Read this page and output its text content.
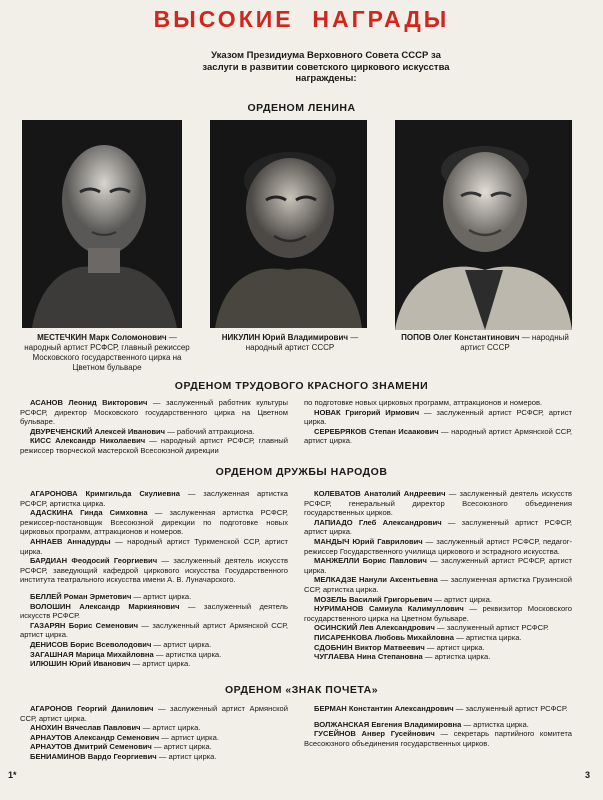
ВЫСОКИЕ  НАГРАДЫ
Указом Президиума Верховного Совета СССР за заслуги в развитии советского циркового искусства награждены:
ОРДЕНОМ ЛЕНИНА
МЕСТЕЧКИН Марк Соломонович — народный артист РСФСР, главный режиссер Московского государственного цирка на Цветном бульваре
НИКУЛИН Юрий Владимирович — народный артист СССР
ПОПОВ Олег Константинович — народный артист СССР
ОРДЕНОМ ТРУДОВОГО КРАСНОГО ЗНАМЕНИ

АСАНОВ Леонид Викторович — заслуженный работник культуры РСФСР, директор Московского государственного цирка на Цветном бульваре.

ДВУРЕЧЕНСКИЙ Алексей Иванович — рабочий аттракциона.

КИСС Александр Николаевич — народный артист РСФСР, главный режиссер творческой мастерской Всесоюзной дирекции

по подготовке новых цирковых программ, аттракционов и номеров.

НОВАК Григорий Ирмович — заслуженный артист РСФСР, артист цирка.

СЕРЕБРЯКОВ Степан Исаакович — народный артист Армянской ССР, артист цирка.

ОРДЕНОМ ДРУЖБЫ НАРОДОВ

АГАРОНОВА Кримгильда Скулиевна — заслуженная артистка РСФСР, артистка цирка.

АДАСКИНА Гинда Симховна — заслуженная артистка РСФСР, режиссер-постановщик Всесоюзной дирекции по подготовке новых цирковых программ, аттракционов и номеров.

АННАЕВ Аннадурды — народный артист Туркменской ССР, артист цирка.

БАРДИАН Феодосий Георгиевич — заслуженный деятель искусств РСФСР, заведующий кафедрой циркового искусства Государственного института театрального искусства имени А. В. Луначарского.

БЕЛЛЕЙ Роман Эрметович — артист цирка.

ВОЛОШИН Александр Маркиянович — заслуженный деятель искусств РСФСР.

ГАЗАРЯН Борис Семенович — заслуженный артист Армянской ССР, артист цирка.

ДЕНИСОВ Борис Всеволодович — артист цирка.

ЗАГАШНАЯ Марица Михайловна — артистка цирка.

ИЛЮШИН Юрий Иванович — артист цирка.

КОЛЕВАТОВ Анатолий Андреевич — заслуженный деятель искусств РСФСР, генеральный директор Всесоюзного объединения государственных цирков.

ЛАПИАДО Глеб Александрович — заслуженный артист РСФСР, артист цирка.

МАНДЫЧ Юрий Гаврилович — заслуженный артист РСФСР, педагог-режиссер Государственного училища циркового и эстрадного искусства.

МАНЖЕЛЛИ Борис Павлович — заслуженный артист РСФСР, артист цирка.

МЕЛКАДЗЕ Нанули Аксентьевна — заслуженная артистка Грузинской ССР, артистка цирка.

МОЗЕЛЬ Василий Григорьевич — артист цирка.

НУРИМАНОВ Самиула Калимуллович — реквизитор Московского государственного цирка на Цветном бульваре.

ОСИНСКИЙ Лев Александрович — заслуженный артист РСФСР.

ПИСАРЕНКОВА Любовь Михайловна — артистка цирка.

СДОБНИН Виктор Матвеевич — артист цирка.

ЧУГЛАЕВА Нина Степановна — артистка цирка.

ОРДЕНОМ «ЗНАК ПОЧЕТА»

АГАРОНОВ Георгий Данилович — заслуженный артист Армянской ССР, артист цирка.

АНОХИН Вячеслав Павлович — артист цирка.

АРНАУТОВ Александр Семенович — артист цирка.

АРНАУТОВ Дмитрий Семенович — артист цирка.

БЕНИАМИНОВ Вардо Георгиевич — артист цирка.

БЕРМАН Константин Александрович — заслуженный артист РСФСР.

ВОЛЖАНСКАЯ Евгения Владимировна — артистка цирка.

ГУСЕЙНОВ Анвер Гусейнович — секретарь партийного комитета Всесоюзного объединения государственных цирков.

1*	3
